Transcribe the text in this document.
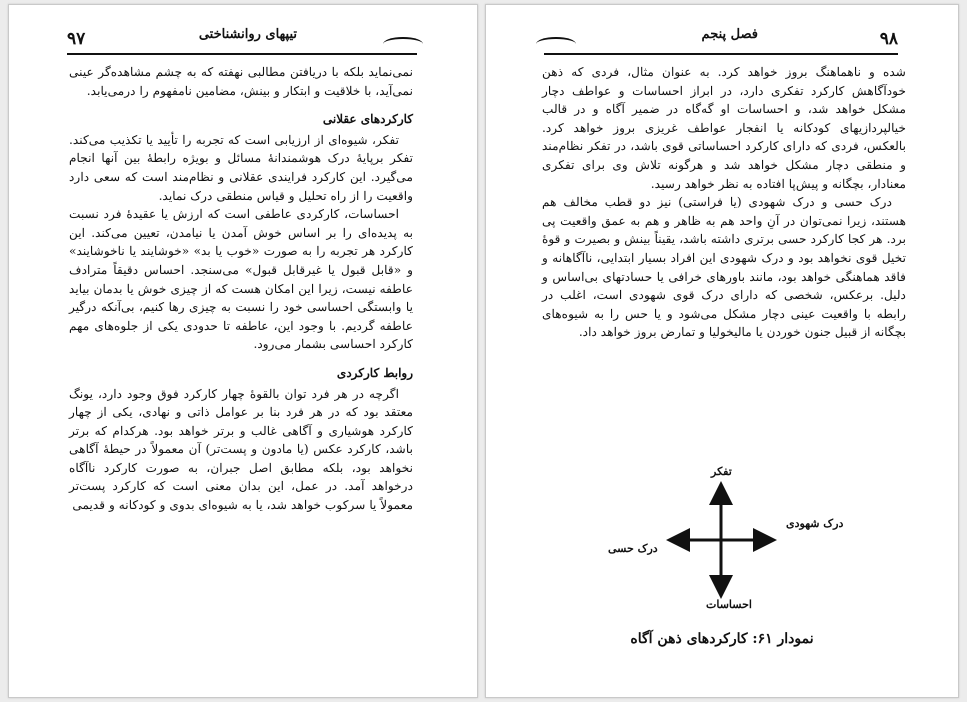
۹۷	تیپهای روانشناختی

نمی‌نماید بلکه با دریافتن مطالبی نهفته که به چشم مشاهده‌گر عینی نمی‌آید، با خلاقیت و ابتکار و بینش، مضامین نامفهوم را درمی‌یابد.

کارکردهای عقلانی

تفکر، شیوه‌ای از ارزیابی است که تجربه را تأیید یا تکذیب می‌کند. تفکر برپایهٔ درک هوشمندانهٔ مسائل و بویژه رابطهٔ بین آنها انجام می‌گیرد. این کارکرد فرایندی عقلانی و نظام‌مند است که سعی دارد واقعیت را از راه تحلیل و قیاس منطقی درک نماید.

احساسات، کارکردی عاطفی است که ارزش یا عقیدهٔ فرد نسبت به پدیده‌ای را بر اساس خوش آمدن یا نیامدن، تعیین می‌کند. این کارکرد هر تجربه را به صورت «خوب یا بد» «خوشایند یا ناخوشایند» و «قابل قبول یا غیرقابل قبول» می‌سنجد. احساس دقیقاً مترادف عاطفه نیست، زیرا این امکان هست که از چیزی خوش یا بدمان بیاید یا وابستگی احساسی خود را نسبت به چیزی رها کنیم، بی‌آنکه درگیر عاطفه گردیم. با وجود این، عاطفه تا حدودی یکی از جلوه‌های مهم کارکرد احساسی بشمار می‌رود.

روابط کارکردی

اگرچه در هر فرد توان بالقوهٔ چهار کارکرد فوق وجود دارد، یونگ معتقد بود که در هر فرد بنا بر عوامل ذاتی و نهادی، یکی از چهار کارکرد هوشیاری و آگاهی غالب و برتر خواهد بود. هرکدام که برتر باشد، کارکرد عکس (یا مادون و پست‌تر) آن معمولاً در حیطهٔ آگاهی نخواهد بود، بلکه مطابق اصل جبران، به صورت کارکرد ناآگاه درخواهد آمد. در عمل، این بدان معنی است که کارکرد پست‌تر معمولاً یا سرکوب خواهد شد، یا به شیوه‌ای بدوی و کودکانه و قدیمی

۹۸
فصل پنجم

شده و ناهماهنگ بروز خواهد کرد. به عنوان مثال، فردی که ذهن خودآگاهش کارکرد تفکری دارد، در ابراز احساسات و عواطف دچار مشکل خواهد شد، و احساسات او گه‌گاه در ضمیر آگاه و در قالب خیالپردازیهای کودکانه یا انفجار عواطف غریزی بروز خواهد کرد. بالعکس، فردی که دارای کارکرد احساساتی قوی باشد، در تفکر نظام‌مند و منطقی دچار مشکل خواهد شد و هرگونه تلاش وی برای تفکری معنادار، بچگانه و پیش‌پا افتاده به نظر خواهد رسید.

درک حسی و درک شهودی (یا فراستی) نیز دو قطب مخالف هم هستند، زیرا نمی‌توان در آنِ واحد هم به ظاهر و هم به عمق واقعیت پی برد. هر کجا کارکرد حسی برتری داشته باشد، یقیناً بینش و بصیرت و قوهٔ تخیل قوی نخواهد بود و درک شهودی این افراد بسیار ابتدایی، ناآگاهانه و فاقد هماهنگی خواهد بود، مانند باورهای خرافی یا حسادتهای بی‌اساس و دلیل. برعکس، شخصی که دارای درک قوی شهودی است، اغلب در رابطه با واقعیت عینی دچار مشکل می‌شود و یا حس را به شیوه‌های بچگانه از قبیل جنون خوردن یا مالیخولیا و تمارض بروز خواهد داد.

تفکر
احساسات
درک حسی
درک شهودی
نمودار ۶۱: کارکردهای ذهن آگاه
